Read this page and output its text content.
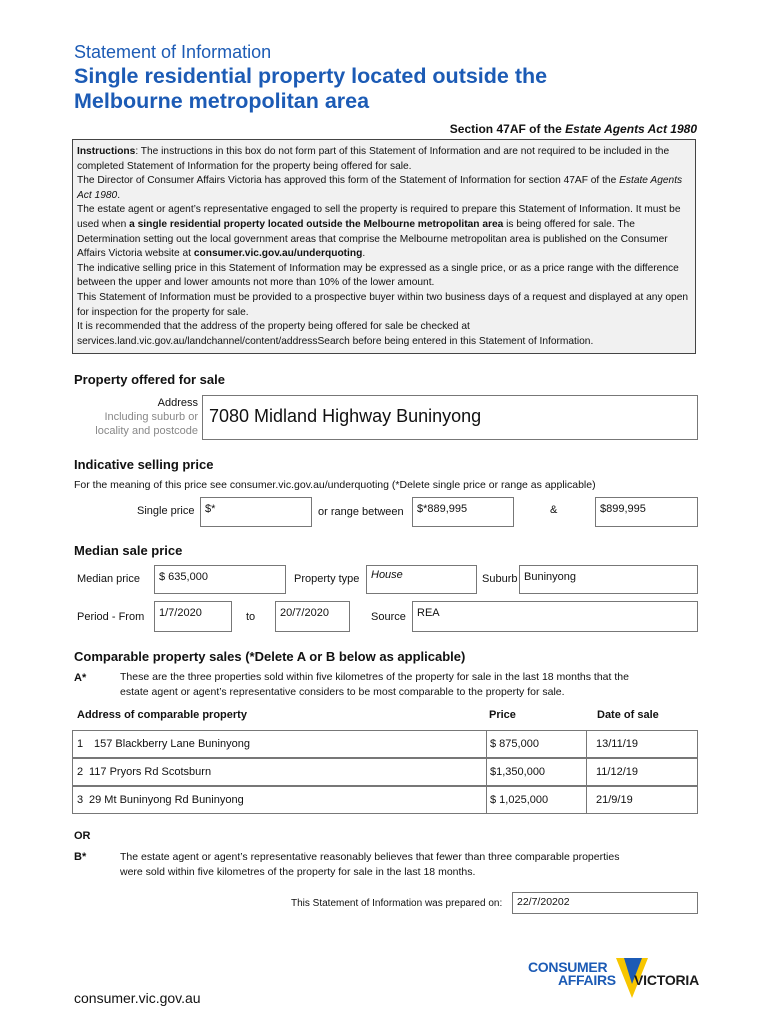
Statement of Information
Single residential property located outside the
Melbourne metropolitan area
Section 47AF of the Estate Agents Act 1980

Instructions: The instructions in this box do not form part of this Statement of Information and are not required to be included in the completed Statement of Information for the property being offered for sale.

The Director of Consumer Affairs Victoria has approved this form of the Statement of Information for section 47AF of the Estate Agents Act 1980.

The estate agent or agent’s representative engaged to sell the property is required to prepare this Statement of Information. It must be used when a single residential property located outside the Melbourne metropolitan area is being offered for sale. The Determination setting out the local government areas that comprise the Melbourne metropolitan area is published on the Consumer Affairs Victoria website at consumer.vic.gov.au/underquoting.

The indicative selling price in this Statement of Information may be expressed as a single price, or as a price range with the difference between the upper and lower amounts not more than 10% of the lower amount.

This Statement of Information must be provided to a prospective buyer within two business days of a request and displayed at any open for inspection for the property for sale.

It is recommended that the address of the property being offered for sale be checked at services.land.vic.gov.au/landchannel/content/addressSearch before being entered in this Statement of Information.

Property offered for sale
Address
Including suburb or
locality and postcode
7080 Midland Highway Buninyong
Indicative selling price
For the meaning of this price see consumer.vic.gov.au/underquoting (*Delete single price or range as applicable)
Single price $*	or range between	$*889,995	&	$899,995
Median sale price
Median price	$ 635,000	Property type	House	Suburb Buninyong
Period - From	1/7/2020	to	20/7/2020	Source	REA
Comparable property sales (*Delete A or B below as applicable)
A*	These are the three properties sold within five kilometres of the property for sale in the last 18 months that the
estate agent or agent’s representative considers to be most comparable to the property for sale.
Address of comparable property	Price	Date of sale
1 157 Blackberry Lane Buninyong	$ 875,000	13/11/19
2 117 Pryors Rd Scotsburn	$1,350,000	11/12/19
3 29 Mt Buninyong Rd Buninyong	$ 1,025,000	21/9/19
OR
B*	The estate agent or agent’s representative reasonably believes that fewer than three comparable properties
were sold within five kilometres of the property for sale in the last 18 months.
This Statement of Information was prepared on:	22/7/20202
CONSUMER
AFFAIRS VICTORIA
consumer.vic.gov.au
